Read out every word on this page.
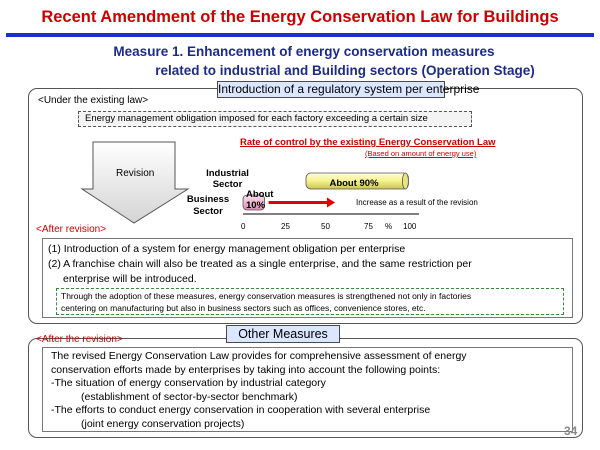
Recent Amendment of the Energy Conservation Law for Buildings
Measure 1. Enhancement of energy conservation measures
related to industrial and Building sectors (Operation Stage)
Introduction of a regulatory system per enterprise
<Under the existing law>
Energy management obligation imposed for each factory exceeding a certain size
Revision
<After revision>
Rate of control by the existing Energy Conservation Law
(Based on amount of energy use)
Industrial
Sector
Business
Sector
About 90%
About
10%	Increase as a result of the revision
0	25	50	75 % 100
(1) Introduction of a system for energy management obligation per enterprise
(2) A franchise chain will also be treated as a single enterprise, and the same restriction per
enterprise will be introduced.
Through the adoption of these measures, energy conservation measures is strengthened not only in factories
centering on manufacturing but also in business sectors such as offices, convenience stores, etc.
<After the revision>	Other Measures
The revised Energy Conservation Law provides for comprehensive assessment of energy
conservation efforts made by enterprises by taking into account the following points:
-The situation of energy conservation by industrial category
(establishment of sector-by-sector benchmark)
-The efforts to conduct energy conservation in cooperation with several enterprise
(joint energy conservation projects)
34
